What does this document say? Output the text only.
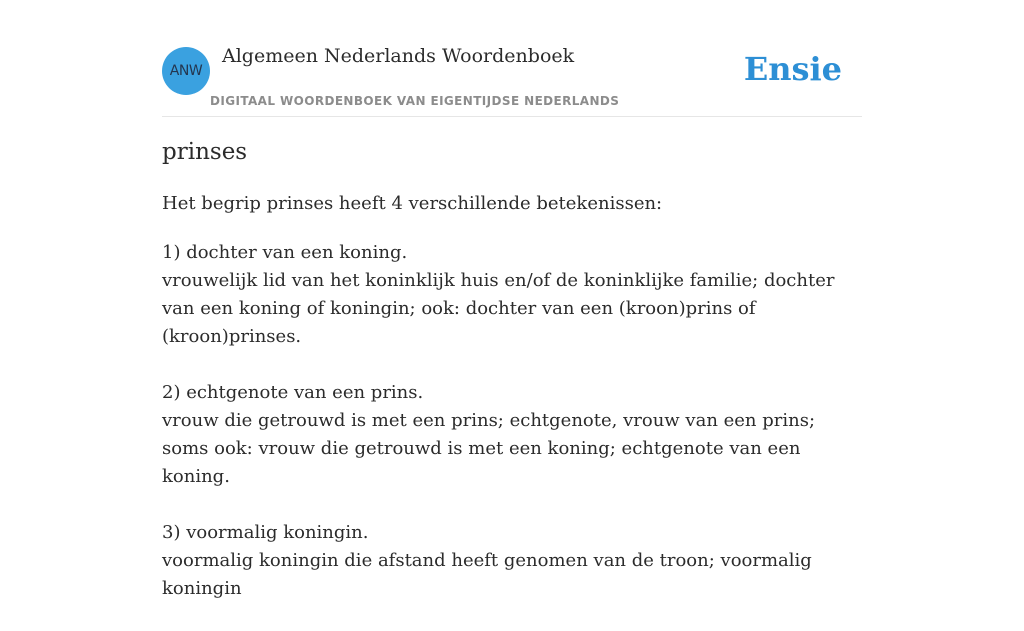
ANW
Algemeen Nederlands Woordenboek
DIGITAAL WOORDENBOEK VAN EIGENTIJDSE NEDERLANDS
Ensie
prinses

Het begrip prinses heeft 4 verschillende betekenissen:

1) dochter van een koning.
vrouwelijk lid van het koninklijk huis en/of de koninklijke familie; dochter van een koning of koningin; ook: dochter van een (kroon)prins of (kroon)prinses.
2) echtgenote van een prins.
vrouw die getrouwd is met een prins; echtgenote, vrouw van een prins; soms ook: vrouw die getrouwd is met een koning; echtgenote van een koning.
3) voormalig koningin.
voormalig koningin die afstand heeft genomen van de troon; voormalig koningin
